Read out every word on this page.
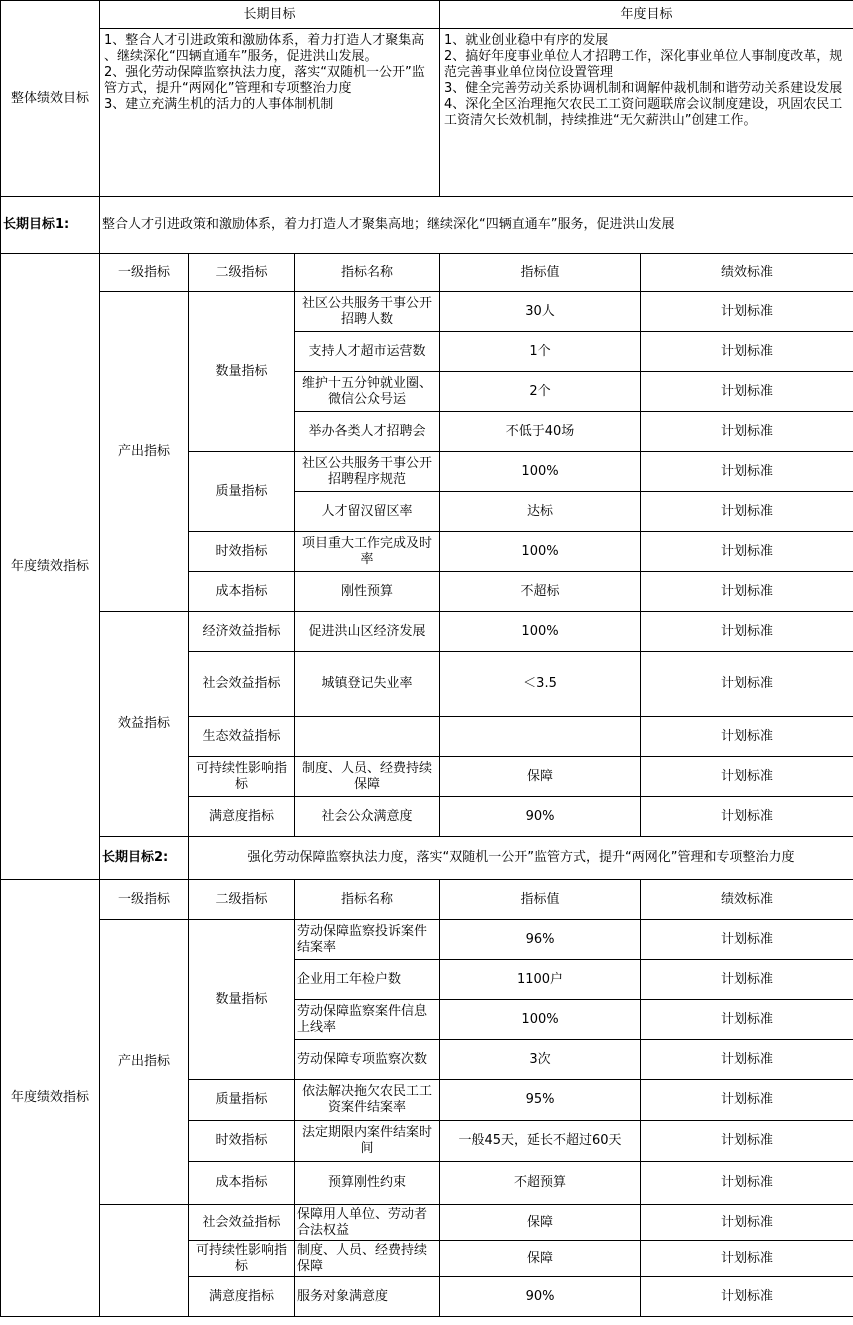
整体绩效目标	长期目标			年度目标	

	1、整合人才引进政策和激励体系，着力打造人才聚集高 、继续深化“四辆直通车”服务，促进洪山发展。
2、强化劳动保障监察执法力度，落实“双随机一公开”监管方式，提升“两网化”管理和专项整治力度
3、建立充满生机的活力的人事体制机制			1、就业创业稳中有序的发展
2、搞好年度事业单位人才招聘工作，深化事业单位人事制度改革，规范完善事业单位岗位设置管理
3、健全完善劳动关系协调机制和调解仲裁机制和谐劳动关系建设发展
4、深化全区治理拖欠农民工工资问题联席会议制度建设，巩固农民工工资清欠长效机制，持续推进“无欠薪洪山”创建工作。	

长期目标1:	整合人才引进政策和激励体系，着力打造人才聚集高地；继续深化“四辆直通车”服务，促进洪山发展				
年度绩效指标	一级指标	二级指标	指标名称	指标值	绩效标准
	产出指标	数量指标	社区公共服务干事公开招聘人数	30人	计划标准
			支持人才超市运营数	1个	计划标准
			维护十五分钟就业圈、微信公众号运	2个	计划标准
			举办各类人才招聘会	不低于40场	计划标准
		质量指标	社区公共服务干事公开招聘程序规范	100%	计划标准
			人才留汉留区率	达标	计划标准
		时效指标	项目重大工作完成及时率	100%	计划标准
		成本指标	刚性预算	不超标	计划标准
	效益指标	经济效益指标	促进洪山区经济发展	100%	计划标准
		社会效益指标	城镇登记失业率	＜3.5	计划标准
		生态效益指标			计划标准
		可持续性影响指标	制度、人员、经费持续保障	保障	计划标准
		满意度指标	社会公众满意度	90%	计划标准
	长期目标2:	强化劳动保障监察执法力度，落实“双随机一公开”监管方式，提升“两网化”管理和专项整治力度			
年度绩效指标	一级指标	二级指标	指标名称	指标值	绩效标准
	产出指标	数量指标	劳动保障监察投诉案件结案率	96%	计划标准
			企业用工年检户数	1100户	计划标准
			劳动保障监察案件信息上线率	100%	计划标准
			劳动保障专项监察次数	3次	计划标准
		质量指标	依法解决拖欠农民工工资案件结案率	95%	计划标准
		时效指标	法定期限内案件结案时间	一般45天，延长不超过60天	计划标准
		成本指标	预算刚性约束	不超预算	计划标准
		社会效益指标	保障用人单位、劳动者合法权益	保障	计划标准
		可持续性影响指标	制度、人员、经费持续保障	保障	计划标准
		满意度指标	服务对象满意度	90%	计划标准
